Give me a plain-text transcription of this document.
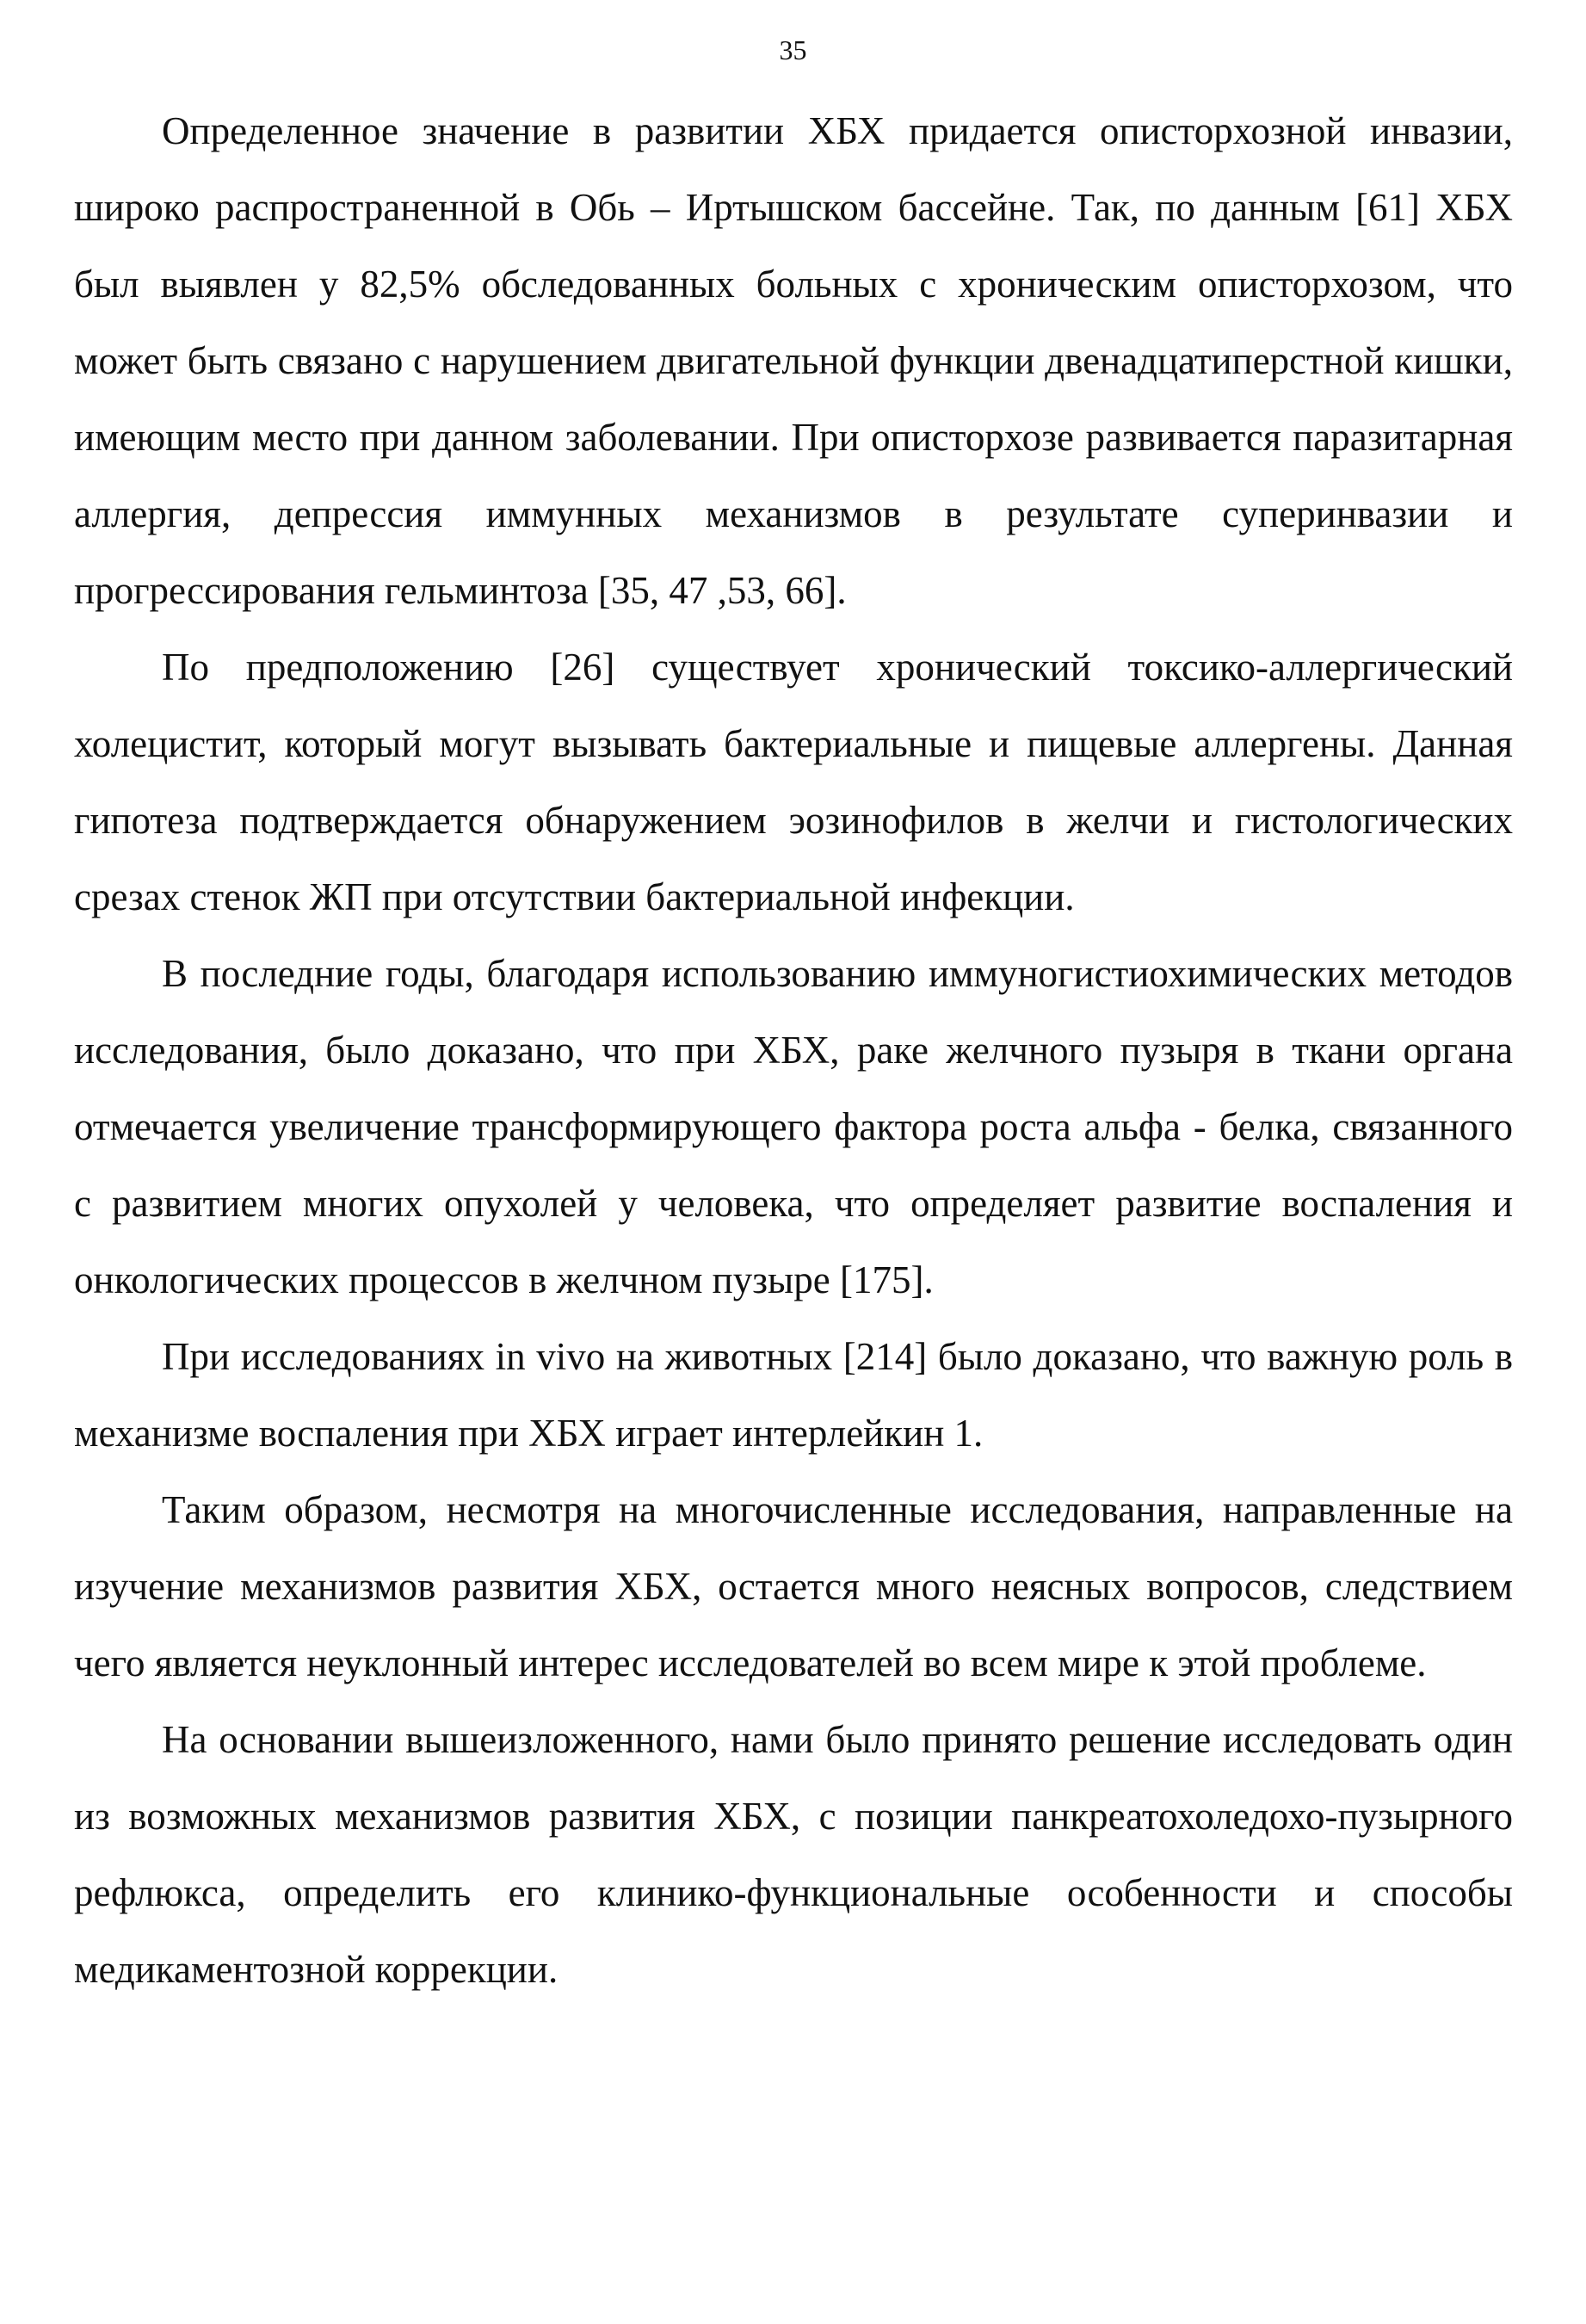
35

Определенное значение в развитии ХБХ придается описторхозной инвазии, широко распространенной в Обь – Иртышском бассейне. Так, по данным [61] ХБХ был выявлен у 82,5% обследованных больных с хроническим описторхозом, что может быть связано с нарушением двигательной функции двенадцатиперстной кишки, имеющим место при данном заболевании. При описторхозе развивается паразитарная аллергия, депрессия иммунных механизмов в результате суперинвазии и прогрессирования гельминтоза [35, 47 ,53, 66].

По предположению [26] существует хронический токсико-аллергический холецистит, который могут вызывать бактериальные и пищевые аллергены. Данная гипотеза подтверждается обнаружением эозинофилов в желчи и гистологических срезах стенок ЖП при отсутствии бактериальной инфекции.

В последние годы, благодаря использованию иммуногистиохимических методов исследования, было доказано, что при ХБХ, раке желчного пузыря в ткани органа отмечается увеличение трансформирующего фактора роста альфа - белка, связанного с развитием многих опухолей у человека, что определяет развитие воспаления и онкологических процессов в желчном пузыре [175].

При исследованиях in vivo на животных [214] было доказано, что важную роль в механизме воспаления при ХБХ играет интерлейкин 1.

Таким образом, несмотря на многочисленные исследования, направленные на изучение механизмов развития ХБХ, остается много неясных вопросов, следствием чего является неуклонный интерес исследователей во всем мире к этой проблеме.

На основании вышеизложенного, нами было принято решение исследовать один из возможных механизмов развития ХБХ, с позиции панкреатохоледохо-пузырного рефлюкса, определить его клинико-функциональные особенности и способы медикаментозной коррекции.
